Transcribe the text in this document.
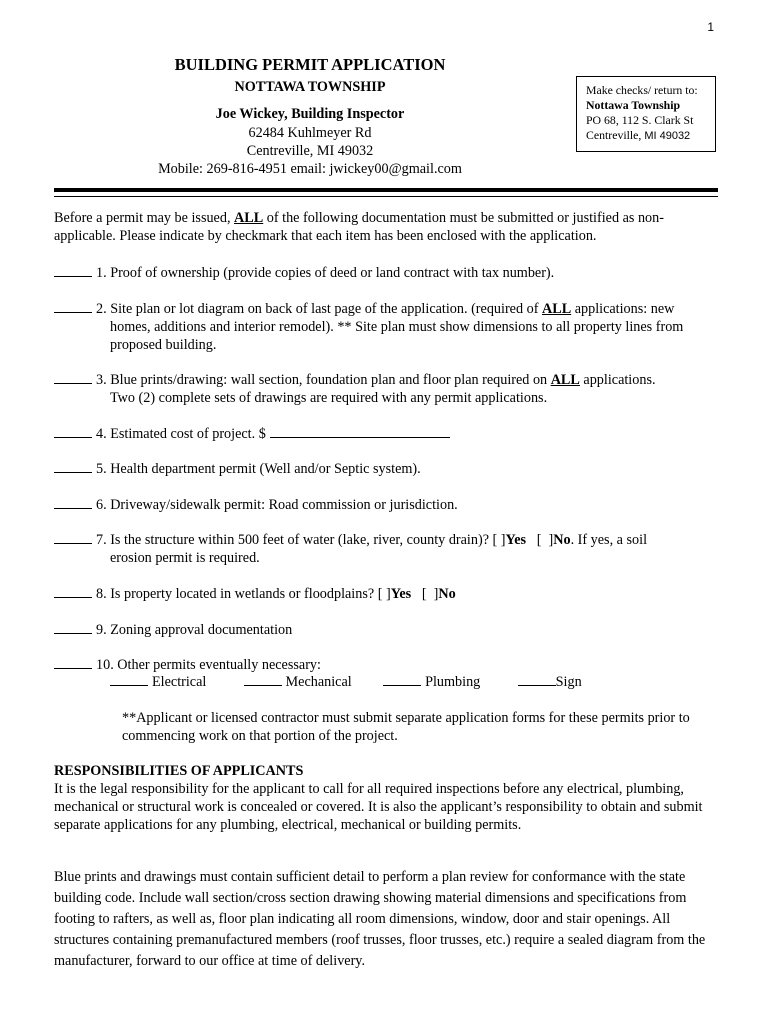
1
BUILDING PERMIT APPLICATION
NOTTAWA TOWNSHIP
Joe Wickey, Building Inspector
62484 Kuhlmeyer Rd
Centreville, MI 49032
Mobile: 269-816-4951 email: jwickey00@gmail.com
Make checks/ return to:
Nottawa Township
PO 68, 112 S. Clark St
Centreville, MI 49032
Before a permit may be issued, ALL of the following documentation must be submitted or justified as non-applicable. Please indicate by checkmark that each item has been enclosed with the application.
1. Proof of ownership (provide copies of deed or land contract with tax number).
2. Site plan or lot diagram on back of last page of the application. (required of ALL applications: new
homes, additions and interior remodel). ** Site plan must show dimensions to all property lines from proposed building.
3. Blue prints/drawing: wall section, foundation plan and floor plan required on ALL applications.
Two (2) complete sets of drawings are required with any permit applications.
4. Estimated cost of project. $
5. Health department permit (Well and/or Septic system).
6. Driveway/sidewalk permit: Road commission or jurisdiction.
7. Is the structure within 500 feet of water (lake, river, county drain)? [ ]Yes   [  ]No. If yes, a soil
erosion permit is required.
8. Is property located in wetlands or floodplains? [ ]Yes   [  ]No
9. Zoning approval documentation
10. Other permits eventually necessary:
Electrical	Mechanical	Plumbing	Sign
**Applicant or licensed contractor must submit separate application forms for these permits prior to commencing work on that portion of the project.
RESPONSIBILITIES OF APPLICANTS
It is the legal responsibility for the applicant to call for all required inspections before any electrical, plumbing, mechanical or structural work is concealed or covered. It is also the applicant’s responsibility to obtain and submit separate applications for any plumbing, electrical, mechanical or building permits.
Blue prints and drawings must contain sufficient detail to perform a plan review for conformance with the state building code. Include wall section/cross section drawing showing material dimensions and specifications from footing to rafters, as well as, floor plan indicating all room dimensions, window, door and stair openings. All structures containing premanufactured members (roof trusses, floor trusses, etc.) require a sealed diagram from the manufacturer, forward to our office at time of delivery.
